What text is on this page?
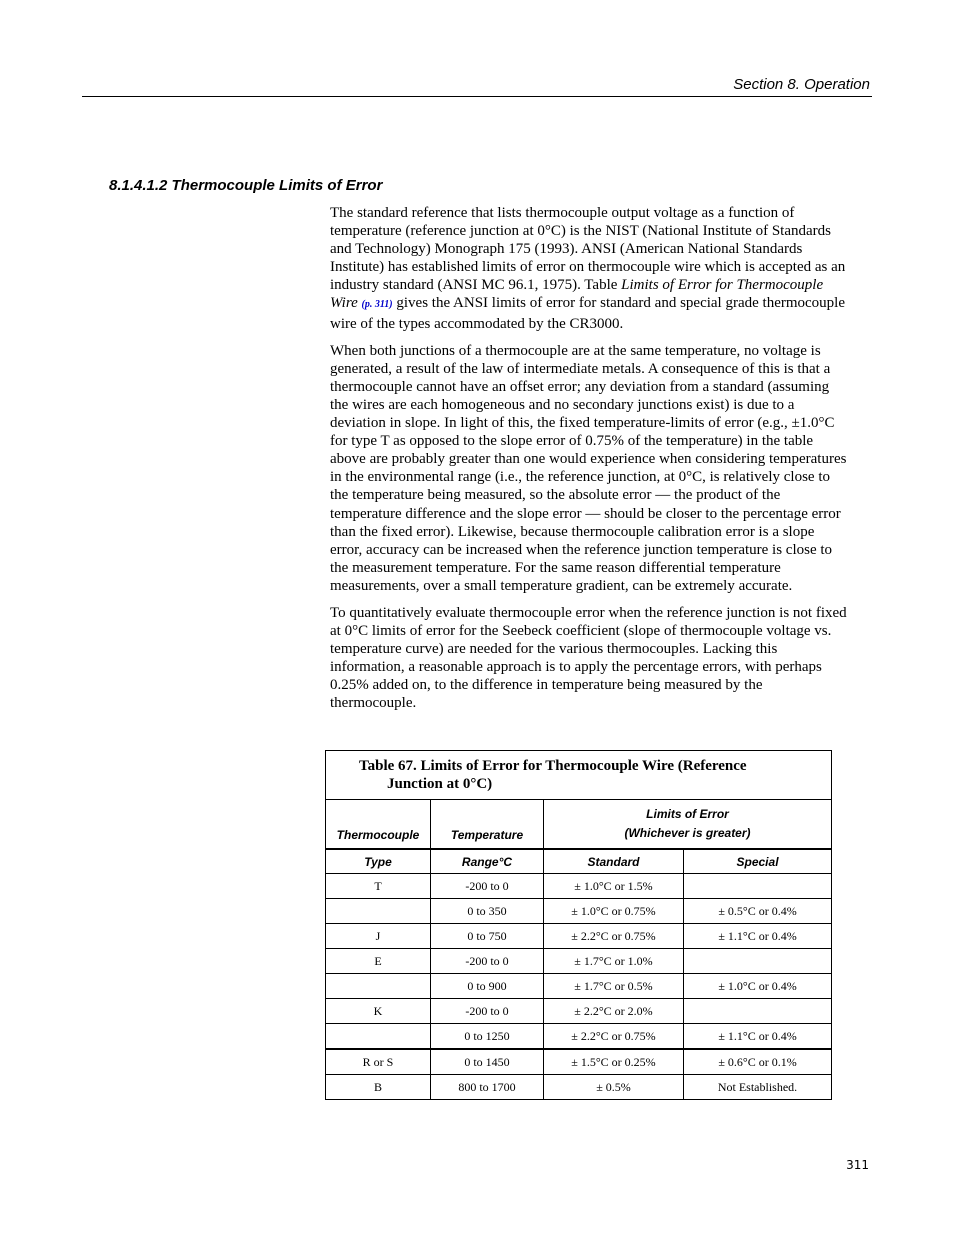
Section 8. Operation
8.1.4.1.2 Thermocouple Limits of Error

The standard reference that lists thermocouple output voltage as a function of temperature (reference junction at 0°C) is the NIST (National Institute of Standards and Technology) Monograph 175 (1993). ANSI (American National Standards Institute) has established limits of error on thermocouple wire which is accepted as an industry standard (ANSI MC 96.1, 1975). Table Limits of Error for Thermocouple Wire (p. 311) gives the ANSI limits of error for standard and special grade thermocouple wire of the types accommodated by the CR3000.

When both junctions of a thermocouple are at the same temperature, no voltage is generated, a result of the law of intermediate metals. A consequence of this is that a thermocouple cannot have an offset error; any deviation from a standard (assuming the wires are each homogeneous and no secondary junctions exist) is due to a deviation in slope. In light of this, the fixed temperature-limits of error (e.g., ±1.0°C for type T as opposed to the slope error of 0.75% of the temperature) in the table above are probably greater than one would experience when considering temperatures in the environmental range (i.e., the reference junction, at 0°C, is relatively close to the temperature being measured, so the absolute error — the product of the temperature difference and the slope error — should be closer to the percentage error than the fixed error). Likewise, because thermocouple calibration error is a slope error, accuracy can be increased when the reference junction temperature is close to the measurement temperature. For the same reason differential temperature measurements, over a small temperature gradient, can be extremely accurate.

To quantitatively evaluate thermocouple error when the reference junction is not fixed at 0°C limits of error for the Seebeck coefficient (slope of thermocouple voltage vs. temperature curve) are needed for the various thermocouples. Lacking this information, a reasonable approach is to apply the percentage errors, with perhaps 0.25% added on, to the difference in temperature being measured by the thermocouple.

Table 67. Limits of Error for Thermocouple Wire (Reference
Junction at 0°C)			

Thermocouple	Temperature	Limits of Error
(Whichever is greater)	
Type	Range°C	Standard	Special
T	-200 to 0	± 1.0°C or 1.5%	
	0 to 350	± 1.0°C or 0.75%	± 0.5°C or 0.4%
J	0 to 750	± 2.2°C or 0.75%	± 1.1°C or 0.4%
E	-200 to 0	± 1.7°C or 1.0%	
	0 to 900	± 1.7°C or 0.5%	± 1.0°C or 0.4%
K	-200 to 0	± 2.2°C or 2.0%	
	0 to 1250	± 2.2°C or 0.75%	± 1.1°C or 0.4%
R or S	0 to 1450	± 1.5°C or 0.25%	± 0.6°C or 0.1%
B	800 to 1700	± 0.5%	Not Established.
311
